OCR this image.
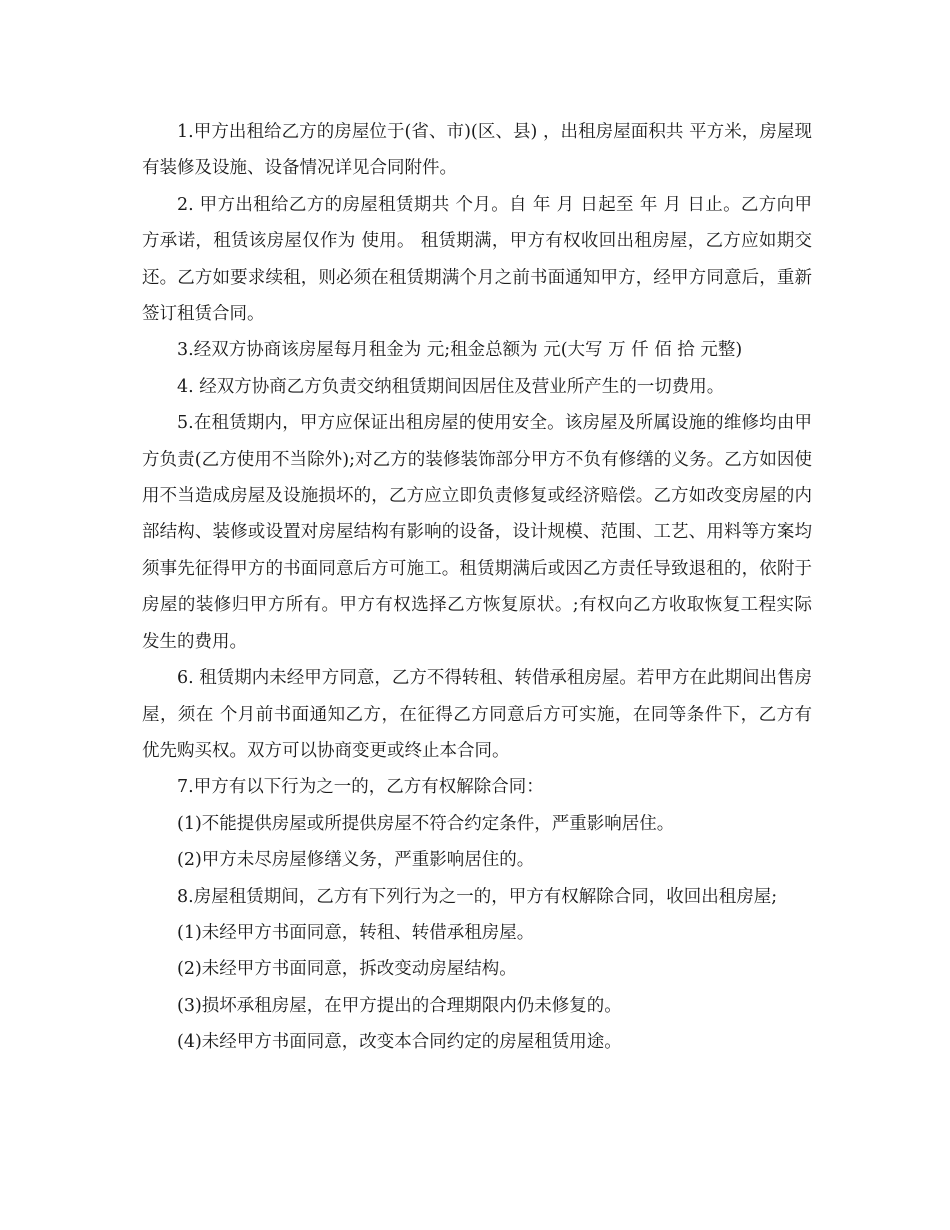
1.甲方出租给乙方的房屋位于(省、市)(区、县) ，出租房屋面积共 平方米，房屋现有装修及设施、设备情况详见合同附件。

2. 甲方出租给乙方的房屋租赁期共 个月。自 年 月 日起至 年 月 日止。乙方向甲方承诺，租赁该房屋仅作为 使用。 租赁期满，甲方有权收回出租房屋，乙方应如期交还。乙方如要求续租，则必须在租赁期满个月之前书面通知甲方，经甲方同意后，重新签订租赁合同。

3.经双方协商该房屋每月租金为 元;租金总额为 元(大写 万 仟 佰 拾 元整)

4. 经双方协商乙方负责交纳租赁期间因居住及营业所产生的一切费用。

5.在租赁期内，甲方应保证出租房屋的使用安全。该房屋及所属设施的维修均由甲方负责(乙方使用不当除外);对乙方的装修装饰部分甲方不负有修缮的义务。乙方如因使用不当造成房屋及设施损坏的，乙方应立即负责修复或经济赔偿。乙方如改变房屋的内部结构、装修或设置对房屋结构有影响的设备，设计规模、范围、工艺、用料等方案均须事先征得甲方的书面同意后方可施工。租赁期满后或因乙方责任导致退租的，依附于房屋的装修归甲方所有。甲方有权选择乙方恢复原状。;有权向乙方收取恢复工程实际发生的费用。

6. 租赁期内未经甲方同意，乙方不得转租、转借承租房屋。若甲方在此期间出售房屋，须在 个月前书面通知乙方，在征得乙方同意后方可实施，在同等条件下，乙方有优先购买权。双方可以协商变更或终止本合同。

7.甲方有以下行为之一的，乙方有权解除合同：

(1)不能提供房屋或所提供房屋不符合约定条件，严重影响居住。

(2)甲方未尽房屋修缮义务，严重影响居住的。

8.房屋租赁期间，乙方有下列行为之一的，甲方有权解除合同，收回出租房屋;

(1)未经甲方书面同意，转租、转借承租房屋。

(2)未经甲方书面同意，拆改变动房屋结构。

(3)损坏承租房屋，在甲方提出的合理期限内仍未修复的。

(4)未经甲方书面同意，改变本合同约定的房屋租赁用途。
